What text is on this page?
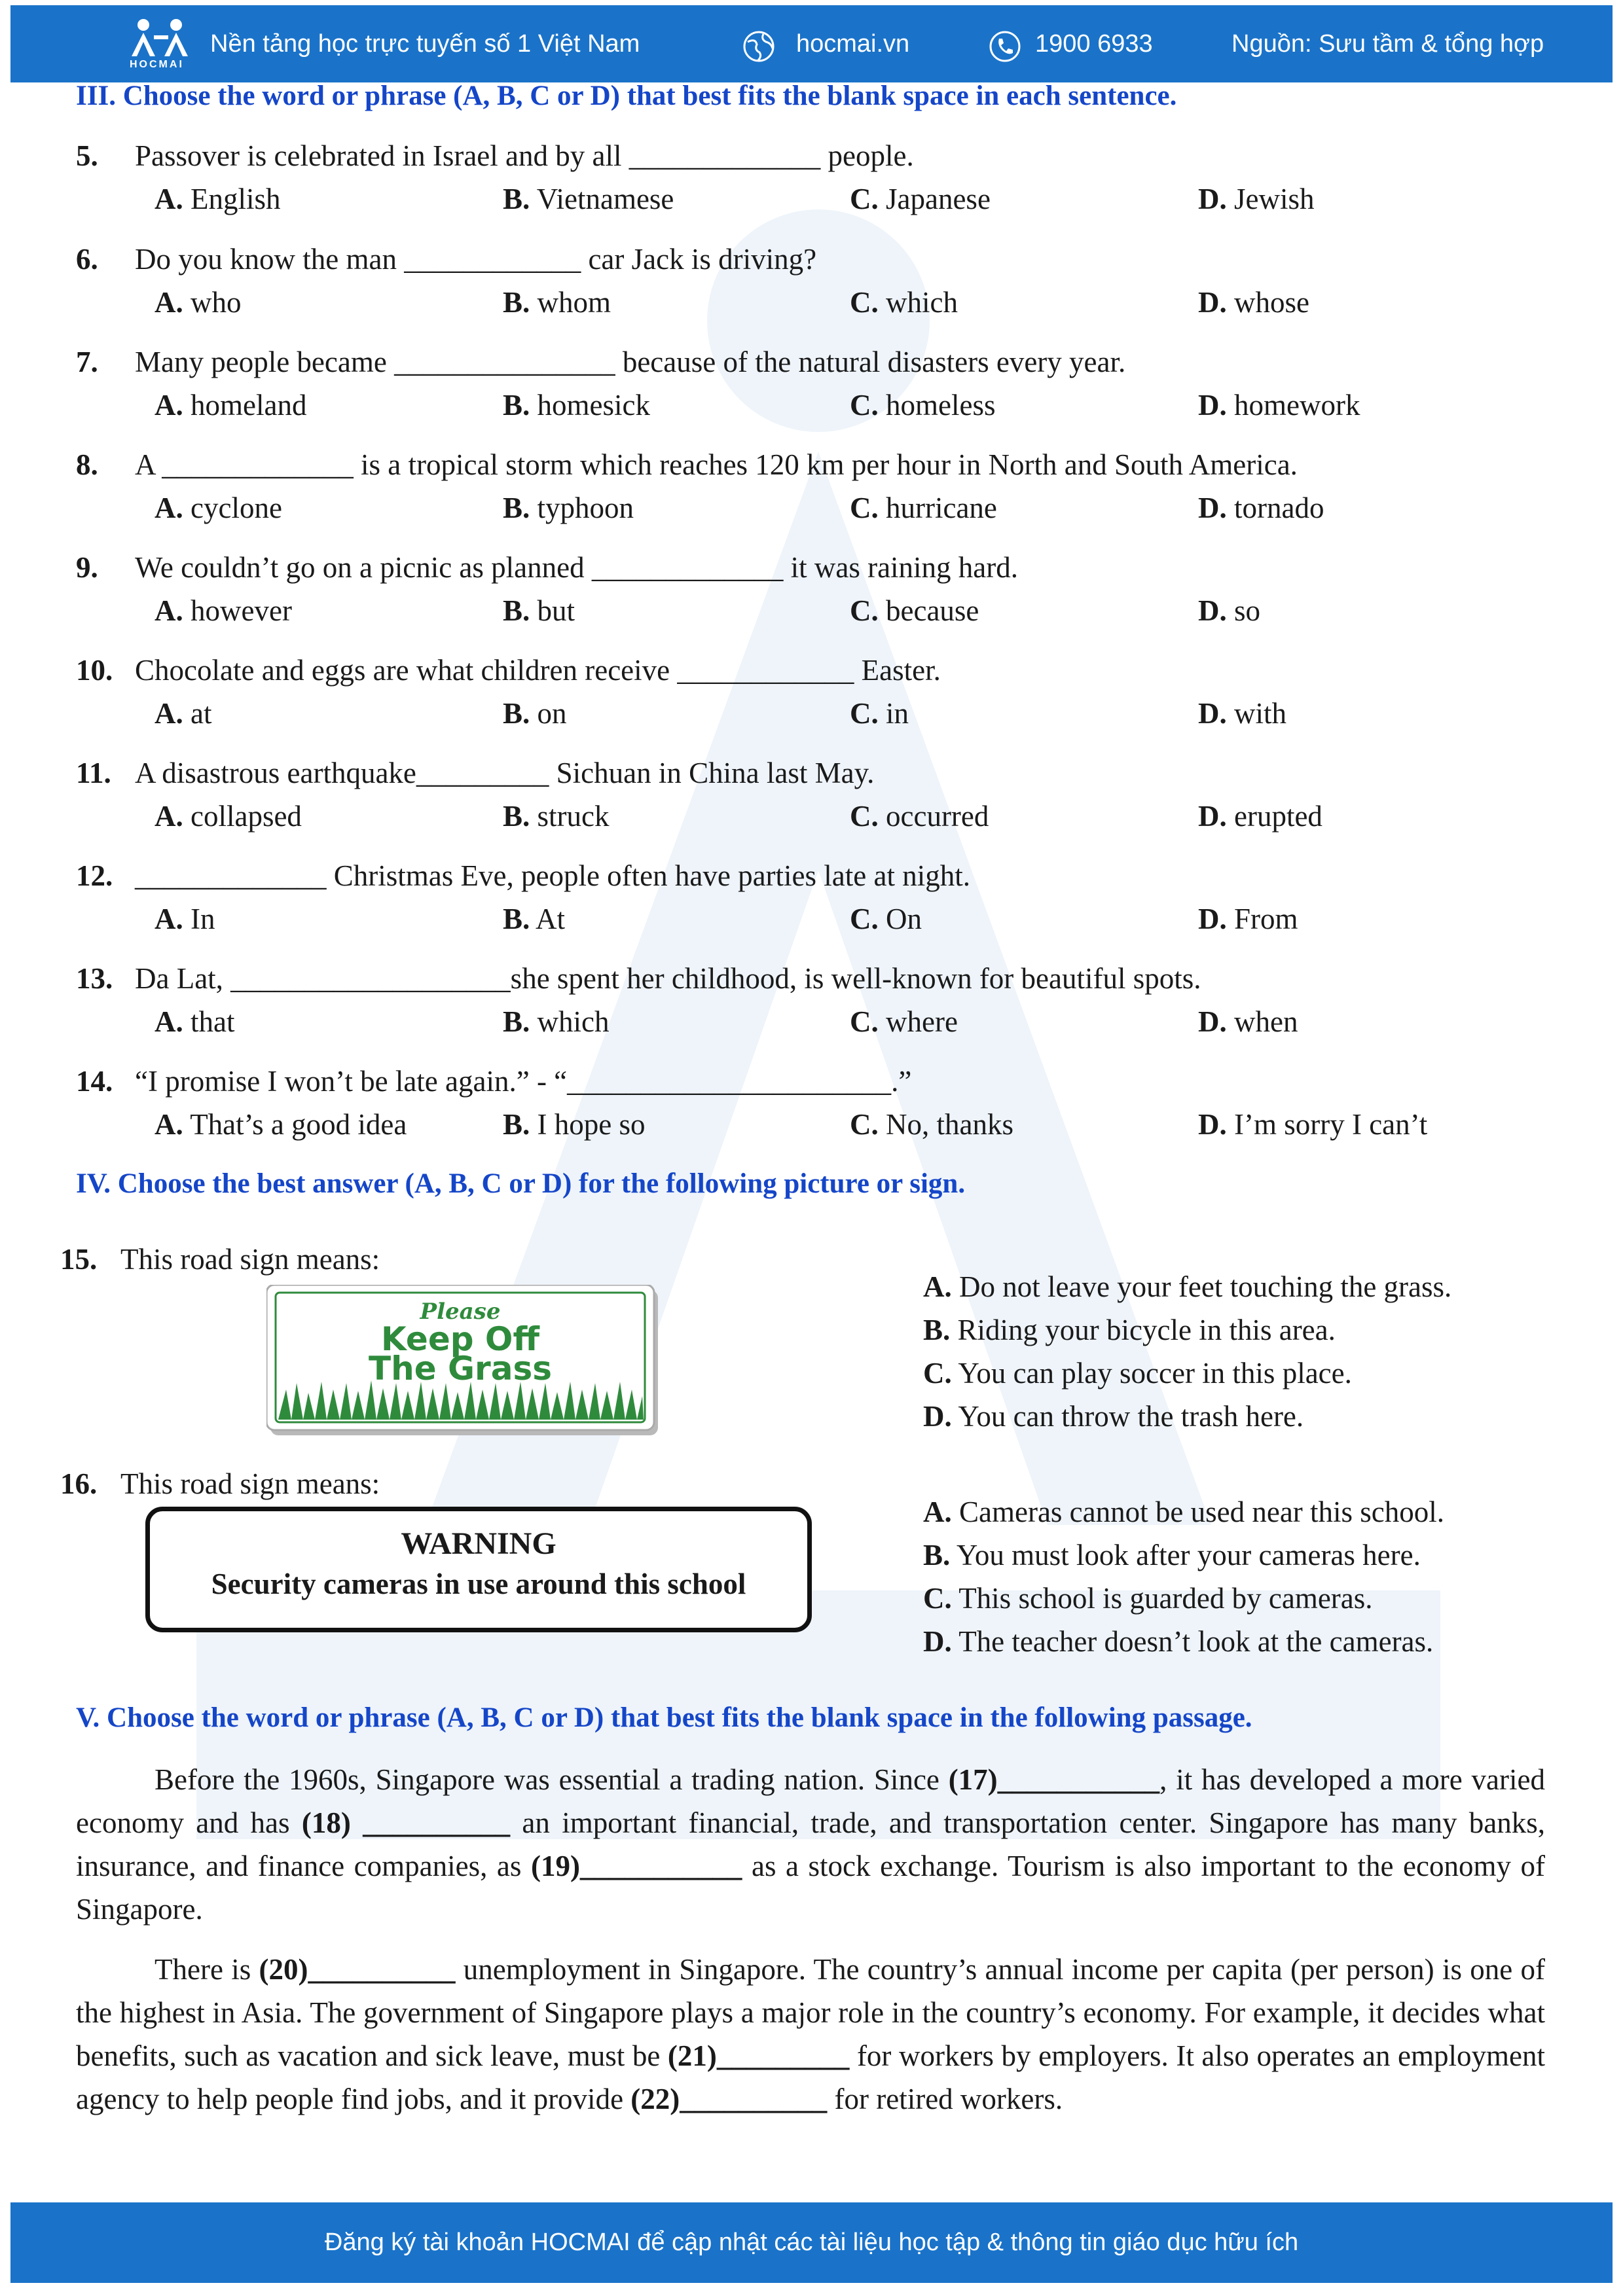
HOCMAI
Nền tảng học trực tuyến số 1 Việt Nam	hocmai.vn	1900 6933	Nguồn: Sưu tầm & tổng hợp
III. Choose the word or phrase (A, B, C or D) that best fits the blank space in each sentence.
5. Passover is celebrated in Israel and by all _____________ people.
A. English	B. Vietnamese	C. Japanese	D. Jewish
6. Do you know the man ____________ car Jack is driving?
A. who	B. whom	C. which	D. whose
7. Many people became _______________ because of the natural disasters every year.
A. homeland	B. homesick	C. homeless	D. homework
8. A _____________ is a tropical storm which reaches 120 km per hour in North and South America.
A. cyclone	B. typhoon	C. hurricane	D. tornado
9. We couldn’t go on a picnic as planned _____________ it was raining hard.
A. however	B. but	C. because	D. so
10. Chocolate and eggs are what children receive ____________ Easter.
A. at	B. on	C. in	D. with
11. A disastrous earthquake_________ Sichuan in China last May.
A. collapsed	B. struck	C. occurred	D. erupted
12. _____________ Christmas Eve, people often have parties late at night.
A. In	B. At	C. On	D. From
13. Da Lat, ___________________she spent her childhood, is well-known for beautiful spots.
A. that	B. which	C. where	D. when
14. “I promise I won’t be late again.” - “______________________.”
A. That’s a good idea	B. I hope so	C. No, thanks	D. I’m sorry I can’t
IV. Choose the best answer (A, B, C or D) for the following picture or sign.
15. This road sign means:
Please
Keep Off
The Grass
A. Do not leave your feet touching the grass.
B. Riding your bicycle in this area.
C. You can play soccer in this place.
D. You can throw the trash here.
16. This road sign means:
WARNING
Security cameras in use around this school
A. Cameras cannot be used near this school.
B. You must look after your cameras here.
C. This school is guarded by cameras.
D. The teacher doesn’t look at the cameras.
V. Choose the word or phrase (A, B, C or D) that best fits the blank space in the following passage.
Before the 1960s, Singapore was essential a trading nation. Since (17)___________, it has developed a more varied economy and has (18) __________ an important financial, trade, and transportation center. Singapore has many banks, insurance, and finance companies, as (19)___________ as a stock exchange. Tourism is also important to the economy of Singapore.
There is (20)__________ unemployment in Singapore. The country’s annual income per capita (per person) is one of the highest in Asia. The government of Singapore plays a major role in the country’s economy. For example, it decides what benefits, such as vacation and sick leave, must be (21)_________ for workers by employers. It also operates an employment agency to help people find jobs, and it provide (22)__________ for retired workers.
Đăng ký tài khoản HOCMAI để cập nhật các tài liệu học tập & thông tin giáo dục hữu ích
